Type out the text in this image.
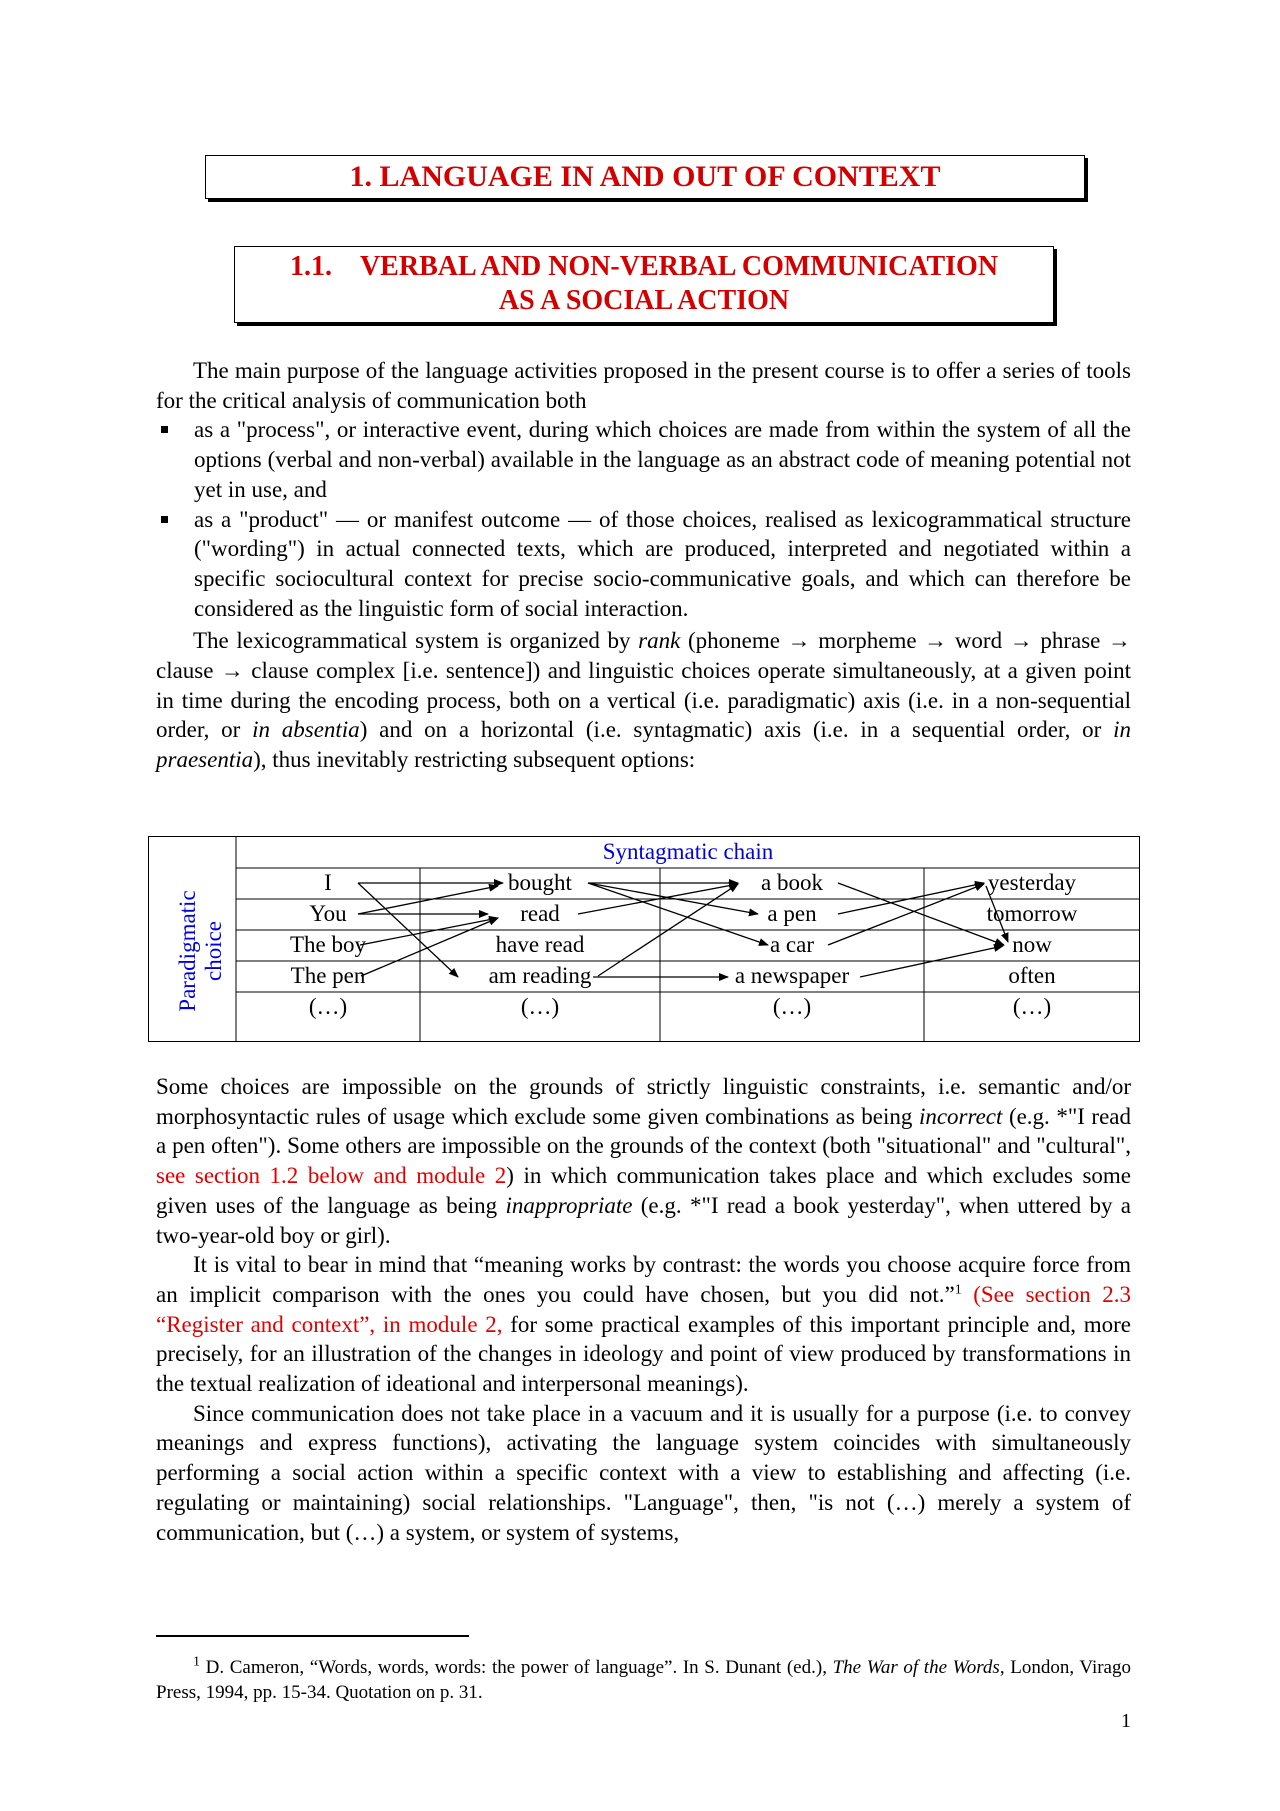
1. LANGUAGE IN AND OUT OF CONTEXT
1.1. VERBAL AND NON-VERBAL COMMUNICATION
AS A SOCIAL ACTION

The main purpose of the language activities proposed in the present course is to offer a series of tools for the critical analysis of communication both

as a "process", or interactive event, during which choices are made from within the system of all the options (verbal and non-verbal) available in the language as an abstract code of meaning potential not yet in use, and
as a "product" — or manifest outcome — of those choices, realised as lexicogrammatical structure ("wording") in actual connected texts, which are produced, interpreted and negotiated within a specific sociocultural context for precise socio-communicative goals, and which can therefore be considered as the linguistic form of social interaction.

The lexicogrammatical system is organized by rank (phoneme → morpheme → word → phrase → clause → clause complex [i.e. sentence]) and linguistic choices operate simultaneously, at a given point in time during the encoding process, both on a vertical (i.e. paradigmatic) axis (i.e. in a non-sequential order, or in absentia) and on a horizontal (i.e. syntagmatic) axis (i.e. in a sequential order, or in praesentia), thus inevitably restricting subsequent options:

Paradigmatic choice
Syntagmatic chain
I
You
The boy
The pen
(…)
bought
read
have read
am reading
(…)
a book
a pen
a car
a newspaper
(…)
yesterday
tomorrow
now
often
(…)

Some choices are impossible on the grounds of strictly linguistic constraints, i.e. semantic and/or morphosyntactic rules of usage which exclude some given combinations as being incorrect (e.g. *"I read a pen often"). Some others are impossible on the grounds of the context (both "situational" and "cultural", see section 1.2 below and module 2) in which communication takes place and which excludes some given uses of the language as being inappropriate (e.g. *"I read a book yesterday", when uttered by a two-year-old boy or girl).

It is vital to bear in mind that “meaning works by contrast: the words you choose acquire force from an implicit comparison with the ones you could have chosen, but you did not.”$^1$ (See section 2.3 “Register and context”, in module 2, for some practical examples of this important principle and, more precisely, for an illustration of the changes in ideology and point of view produced by transformations in the textual realization of ideational and interpersonal meanings).

Since communication does not take place in a vacuum and it is usually for a purpose (i.e. to convey meanings and express functions), activating the language system coincides with simultaneously performing a social action within a specific context with a view to establishing and affecting (i.e. regulating or maintaining) social relationships. "Language", then, "is not (…) merely a system of communication, but (…) a system, or system of systems,

$^1$ D. Cameron, “Words, words, words: the power of language”. In S. Dunant (ed.), The War of the Words, London, Virago Press, 1994, pp. 15-34. Quotation on p. 31.

1
